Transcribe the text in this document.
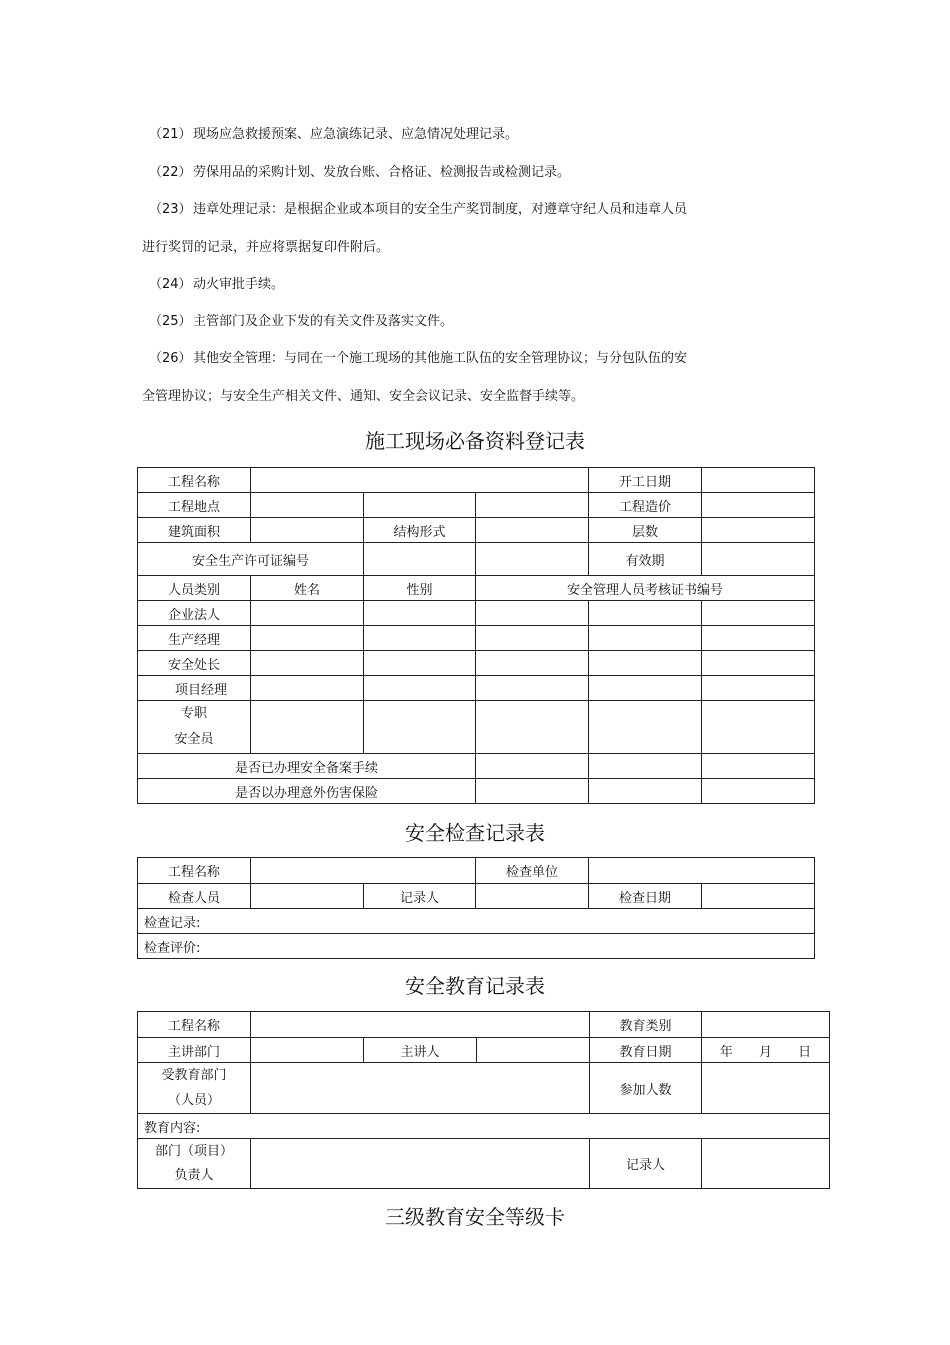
（21）现场应急救援预案、应急演练记录、应急情况处理记录。
（22）劳保用品的采购计划、发放台账、合格证、检测报告或检测记录。
（23）违章处理记录：是根据企业或本项目的安全生产奖罚制度，对遵章守纪人员和违章人员
进行奖罚的记录，并应将票据复印件附后。
（24）动火审批手续。
（25）主管部门及企业下发的有关文件及落实文件。
（26）其他安全管理：与同在一个施工现场的其他施工队伍的安全管理协议；与分包队伍的安
全管理协议；与安全生产相关文件、通知、安全会议记录、安全监督手续等。
施工现场必备资料登记表
工程名称				开工日期	
工程地点				工程造价	
建筑面积		结构形式		层数	
安全生产许可证编号				有效期	
人员类别	姓名	性别	安全管理人员考核证书编号		
企业法人					
生产经理					
安全处长					
项目经理					

专职
安全员					

是否已办理安全备案手续					
是否以办理意外伤害保险					
安全检查记录表
工程名称			检查单位		
检查人员		记录人		检查日期	
检查记录:					
检查评价:					
安全教育记录表
工程名称				教育类别	
主讲部门		主讲人		教育日期	年 月 日

受教育部门
（人员）				参加人数	
教育内容:					

部门（项目）
负责人				记录人	
三级教育安全等级卡
